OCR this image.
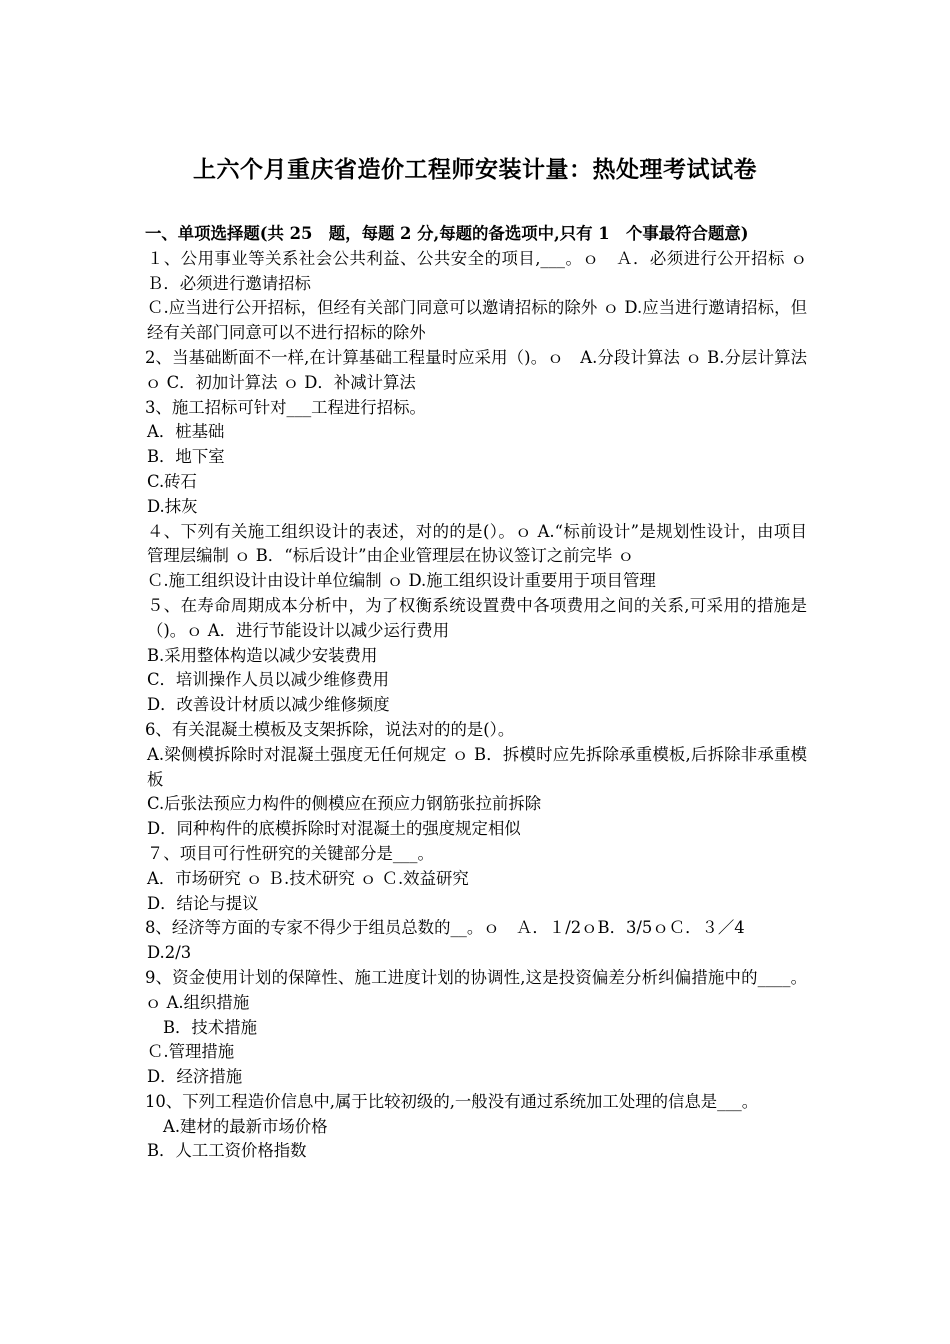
上六个月重庆省造价工程师安装计量：热处理考试试卷
一、单项选择题(共 25　题，每题 2 分,每题的备选项中,只有 1　个事最符合题意)
１、公用事业等关系社会公共利益、公共安全的项目,___。ｏ　Ａ．必须进行公开招标 ｏ　Ｂ．必须进行邀请招标
Ｃ.应当进行公开招标，但经有关部门同意可以邀请招标的除外 ｏ D.应当进行邀请招标，但经有关部门同意可以不进行招标的除外
2、当基础断面不一样,在计算基础工程量时应采用（)。ｏ　A.分段计算法 ｏ B.分层计算法 ｏ C．初加计算法 ｏ D．补减计算法
3、施工招标可针对___工程进行招标。
A．桩基础
B．地下室
C.砖石
D.抹灰
４、下列有关施工组织设计的表述，对的的是(）。ｏ A.“标前设计”是规划性设计，由项目管理层编制 ｏ B．“标后设计”由企业管理层在协议签订之前完毕 ｏ
Ｃ.施工组织设计由设计单位编制 ｏ D.施工组织设计重要用于项目管理
５、在寿命周期成本分析中，为了权衡系统设置费中各项费用之间的关系,可采用的措施是（)。ｏ A．进行节能设计以减少运行费用
B.采用整体构造以减少安装费用
C．培训操作人员以减少维修费用
D．改善设计材质以减少维修频度
6、有关混凝土模板及支架拆除，说法对的的是(）。
A.梁侧模拆除时对混凝土强度无任何规定 ｏ B．拆模时应先拆除承重模板,后拆除非承重模板
C.后张法预应力构件的侧模应在预应力钢筋张拉前拆除
D．同种构件的底模拆除时对混凝土的强度规定相似
７、项目可行性研究的关键部分是___。
A．市场研究 ｏ Ｂ.技术研究 ｏ Ｃ.效益研究
D．结论与提议
8、经济等方面的专家不得少于组员总数的__。ｏ　Ａ．１/2ｏB．3/5ｏＣ．３／4
D.2/3
9、资金使用计划的保障性、施工进度计划的协调性,这是投资偏差分析纠偏措施中的____。ｏ A.组织措施
B．技术措施
Ｃ.管理措施
D．经济措施
10、下列工程造价信息中,属于比较初级的,一般没有通过系统加工处理的信息是___。
A.建材的最新市场价格
B．人工工资价格指数
